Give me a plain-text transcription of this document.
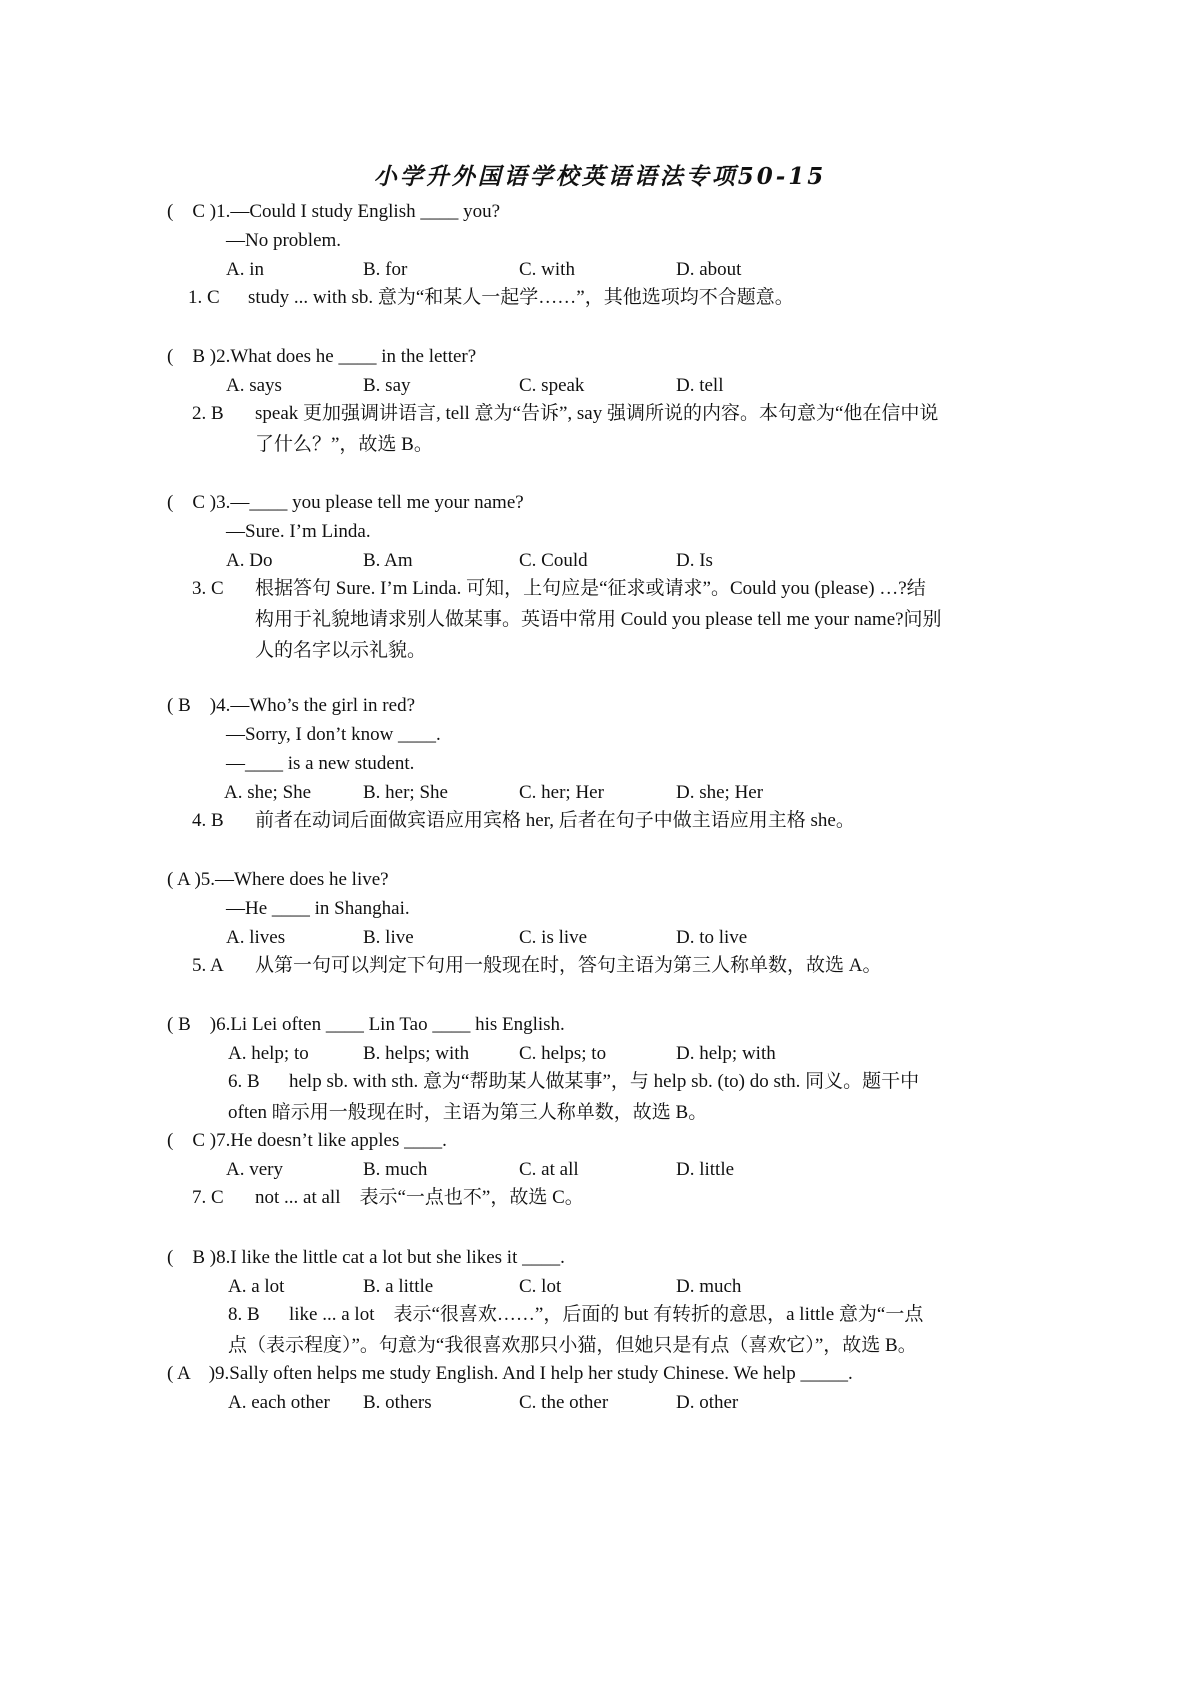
小学升外国语学校英语语法专项50-15
(　C )1.—Could I study English ____ you?
—No problem.
A. in	B. for	C. with	D. about
1. C study ... with sb. 意为“和某人一起学……”，其他选项均不合题意。
(　B )2.What does he ____ in the letter?
A. says	B. say	C. speak	D. tell
2. B speak 更加强调讲语言, tell 意为“告诉”, say 强调所说的内容。本句意为“他在信中说了什么？”，故选 B。
(　C )3.—____ you please tell me your name?
—Sure. I’m Linda.
A. Do	B. Am	C. Could	D. Is
3. C 根据答句 Sure. I’m Linda. 可知，上句应是“征求或请求”。Could you (please) …?结构用于礼貌地请求别人做某事。英语中常用 Could you please tell me your name?问别人的名字以示礼貌。
( B　)4.—Who’s the girl in red?
—Sorry, I don’t know ____.
—____ is a new student.
A. she; She	B. her; She	C. her; Her	D. she; Her
4. B 前者在动词后面做宾语应用宾格 her, 后者在句子中做主语应用主格 she。
( A )5.—Where does he live?
—He ____ in Shanghai.
A. lives	B. live	C. is live	D. to live
5. A 从第一句可以判定下句用一般现在时，答句主语为第三人称单数，故选 A。
( B　)6.Li Lei often ____ Lin Tao ____ his English.
A. help; to	B. helps; with	C. helps; to	D. help; with
6. B	help sb. with sth. 意为“帮助某人做某事”，与 help sb. (to) do sth. 同义。题干中 often 暗示用一般现在时，主语为第三人称单数，故选 B。
(　C )7.He doesn’t like apples ____.
A. very	B. much	C. at all	D. little
7. C not ... at all　表示“一点也不”，故选 C。
(　B )8.I like the little cat a lot but she likes it ____.
A. a lot	B. a little	C. lot	D. much
8. B	like ... a lot　表示“很喜欢……”，后面的 but 有转折的意思，a little 意为“一点点（表示程度）”。句意为“我很喜欢那只小猫，但她只是有点（喜欢它）”，故选 B。
( A　)9.Sally often helps me study English. And I help her study Chinese. We help _____.
A. each other B. others	C. the other	D. other
